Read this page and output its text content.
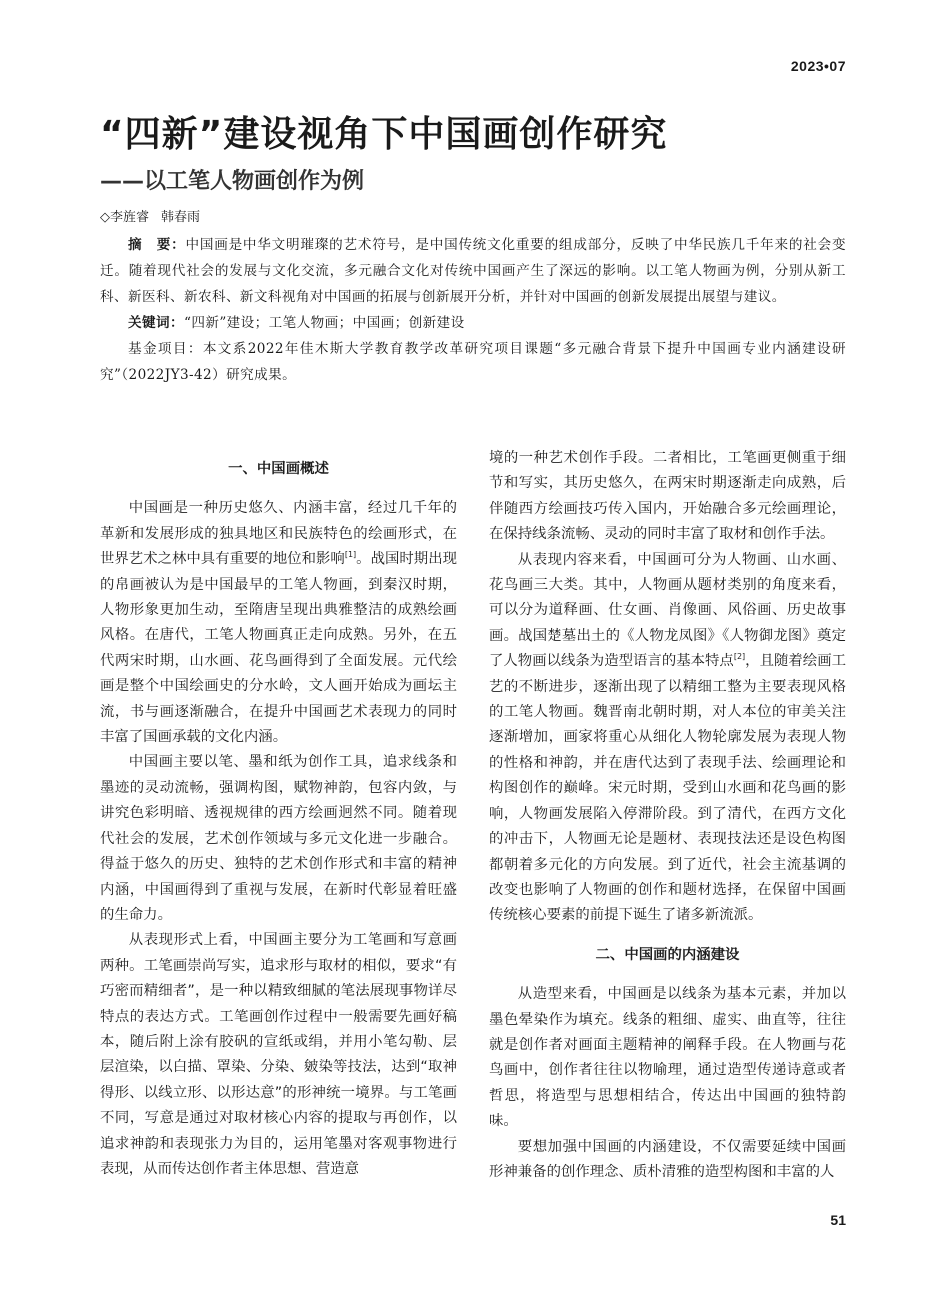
2023•07
“四新”建设视角下中国画创作研究
——以工笔人物画创作为例
◇李旌睿 韩春雨

摘　要：中国画是中华文明璀璨的艺术符号，是中国传统文化重要的组成部分，反映了中华民族几千年来的社会变迁。随着现代社会的发展与文化交流，多元融合文化对传统中国画产生了深远的影响。以工笔人物画为例，分别从新工科、新医科、新农科、新文科视角对中国画的拓展与创新展开分析，并针对中国画的创新发展提出展望与建议。

关键词：“四新”建设；工笔人物画；中国画；创新建设

基金项目：本文系2022年佳木斯大学教育教学改革研究项目课题“多元融合背景下提升中国画专业内涵建设研究”（2022JY3-42）研究成果。

一、中国画概述

中国画是一种历史悠久、内涵丰富，经过几千年的革新和发展形成的独具地区和民族特色的绘画形式，在世界艺术之林中具有重要的地位和影响[1]。战国时期出现的帛画被认为是中国最早的工笔人物画，到秦汉时期，人物形象更加生动，至隋唐呈现出典雅整洁的成熟绘画风格。在唐代，工笔人物画真正走向成熟。另外，在五代两宋时期，山水画、花鸟画得到了全面发展。元代绘画是整个中国绘画史的分水岭，文人画开始成为画坛主流，书与画逐渐融合，在提升中国画艺术表现力的同时丰富了国画承载的文化内涵。

中国画主要以笔、墨和纸为创作工具，追求线条和墨迹的灵动流畅，强调构图，赋物神韵，包容内敛，与讲究色彩明暗、透视规律的西方绘画迥然不同。随着现代社会的发展，艺术创作领域与多元文化进一步融合。得益于悠久的历史、独特的艺术创作形式和丰富的精神内涵，中国画得到了重视与发展，在新时代彰显着旺盛的生命力。

从表现形式上看，中国画主要分为工笔画和写意画两种。工笔画崇尚写实，追求形与取材的相似，要求“有巧密而精细者”，是一种以精致细腻的笔法展现事物详尽特点的表达方式。工笔画创作过程中一般需要先画好稿本，随后附上涂有胶矾的宣纸或绢，并用小笔勾勒、层层渲染，以白描、罩染、分染、皴染等技法，达到“取神得形、以线立形、以形达意”的形神统一境界。与工笔画不同，写意是通过对取材核心内容的提取与再创作，以追求神韵和表现张力为目的，运用笔墨对客观事物进行表现，从而传达创作者主体思想、营造意

境的一种艺术创作手段。二者相比，工笔画更侧重于细节和写实，其历史悠久，在两宋时期逐渐走向成熟，后伴随西方绘画技巧传入国内，开始融合多元绘画理论，在保持线条流畅、灵动的同时丰富了取材和创作手法。

从表现内容来看，中国画可分为人物画、山水画、花鸟画三大类。其中，人物画从题材类别的角度来看，可以分为道释画、仕女画、肖像画、风俗画、历史故事画。战国楚墓出土的《人物龙凤图》《人物御龙图》奠定了人物画以线条为造型语言的基本特点[2]，且随着绘画工艺的不断进步，逐渐出现了以精细工整为主要表现风格的工笔人物画。魏晋南北朝时期，对人本位的审美关注逐渐增加，画家将重心从细化人物轮廓发展为表现人物的性格和神韵，并在唐代达到了表现手法、绘画理论和构图创作的巅峰。宋元时期，受到山水画和花鸟画的影响，人物画发展陷入停滞阶段。到了清代，在西方文化的冲击下，人物画无论是题材、表现技法还是设色构图都朝着多元化的方向发展。到了近代，社会主流基调的改变也影响了人物画的创作和题材选择，在保留中国画传统核心要素的前提下诞生了诸多新流派。

二、中国画的内涵建设

从造型来看，中国画是以线条为基本元素，并加以墨色晕染作为填充。线条的粗细、虚实、曲直等，往往就是创作者对画面主题精神的阐释手段。在人物画与花鸟画中，创作者往往以物喻理，通过造型传递诗意或者哲思，将造型与思想相结合，传达出中国画的独特韵味。

要想加强中国画的内涵建设，不仅需要延续中国画形神兼备的创作理念、质朴清雅的造型构图和丰富的人

51
